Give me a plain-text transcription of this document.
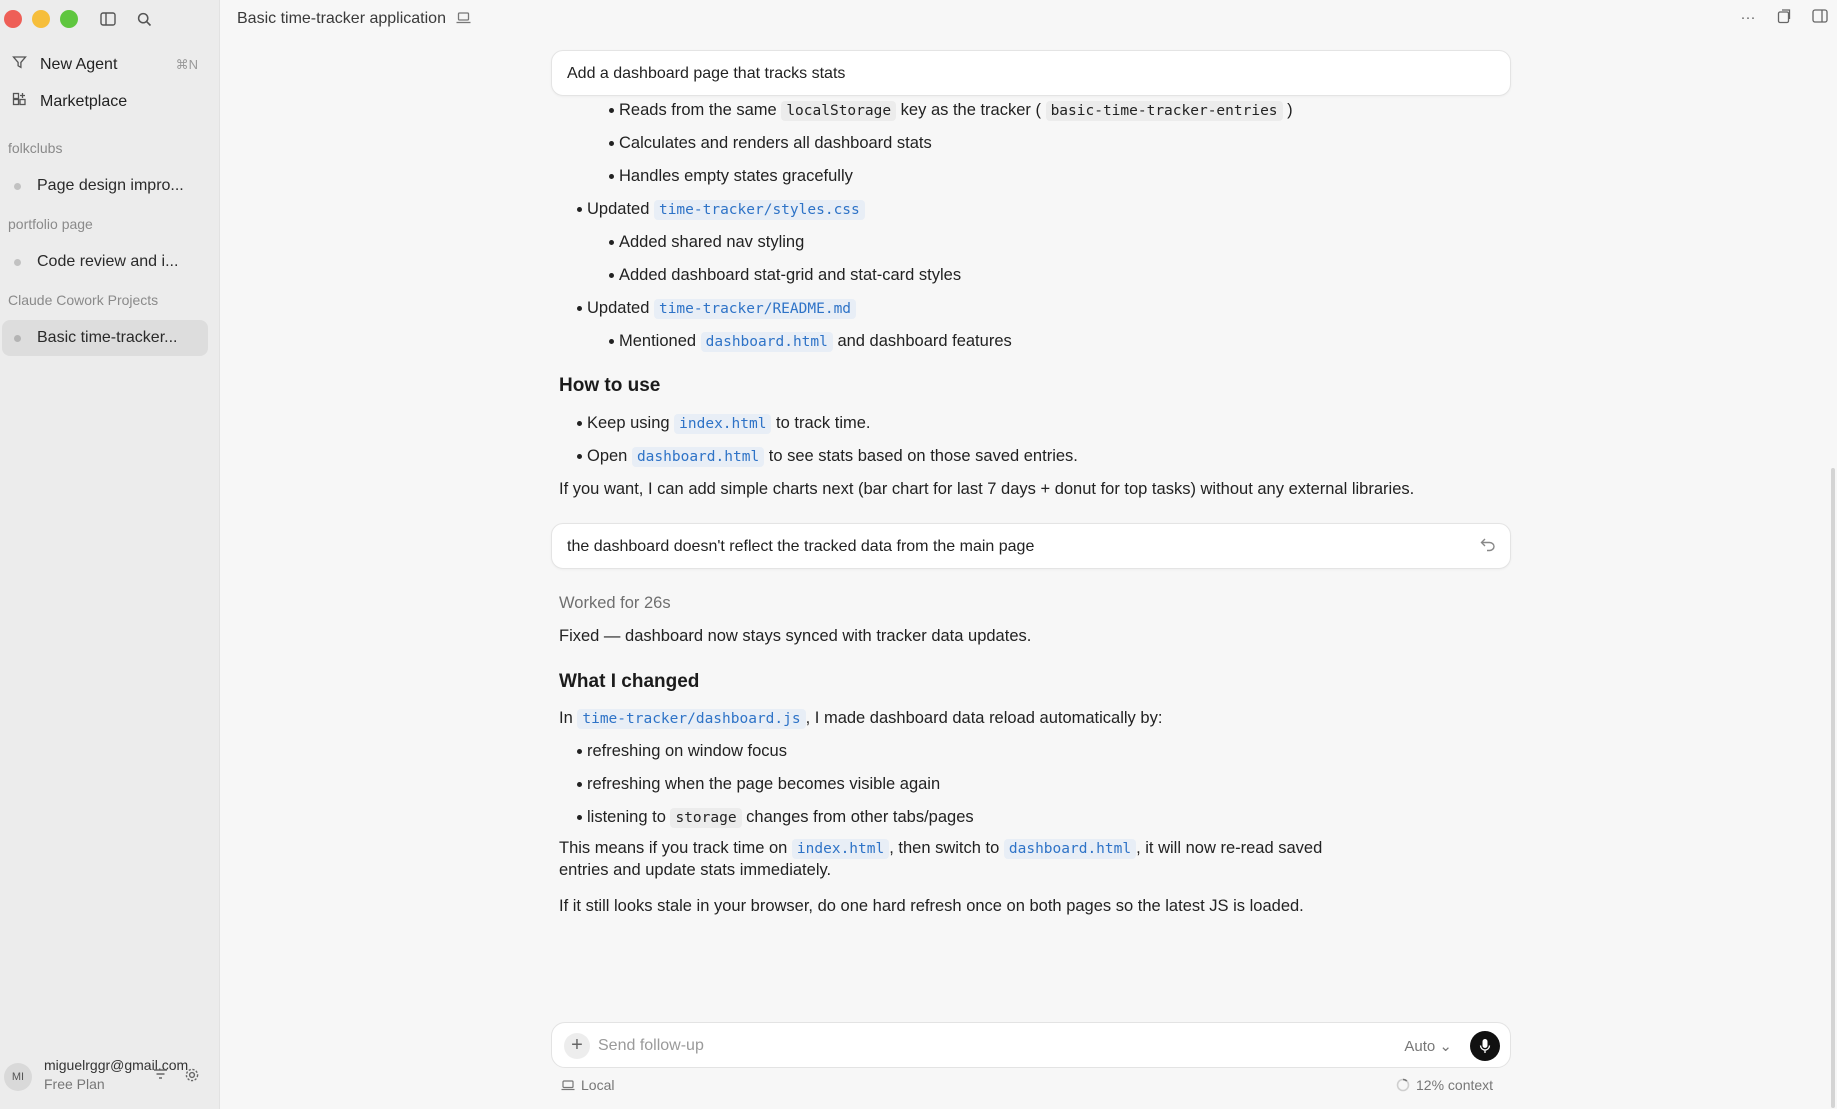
New Agent	⌘N
Marketplace
folkclubs
Page design impro...
portfolio page
Code review and i...
Claude Cowork Projects
Basic time-tracker...
MI
miguelrggr@gmail.com
Free Plan
Basic time-tracker application	···
Add a dashboard page that tracks stats
Reads from the same localStorage key as the tracker ( basic-time-tracker-entries )
Calculates and renders all dashboard stats
Handles empty states gracefully
Updated time-tracker/styles.css
Added shared nav styling
Added dashboard stat-grid and stat-card styles
Updated time-tracker/README.md
Mentioned dashboard.html and dashboard features
How to use
Keep using index.html to track time.
Open dashboard.html to see stats based on those saved entries.
If you want, I can add simple charts next (bar chart for last 7 days + donut for top tasks) without any external libraries.
the dashboard doesn't reflect the tracked data from the main page
Worked for 26s
Fixed — dashboard now stays synced with tracker data updates.
What I changed
In time-tracker/dashboard.js , I made dashboard data reload automatically by:
refreshing on window focus
refreshing when the page becomes visible again
listening to storage changes from other tabs/pages
This means if you track time on index.html , then switch to dashboard.html , it will now re-read saved entries and update stats immediately.
If it still looks stale in your browser, do one hard refresh once on both pages so the latest JS is loaded.
+
Send follow-up	Auto ⌄
Local	12% context
